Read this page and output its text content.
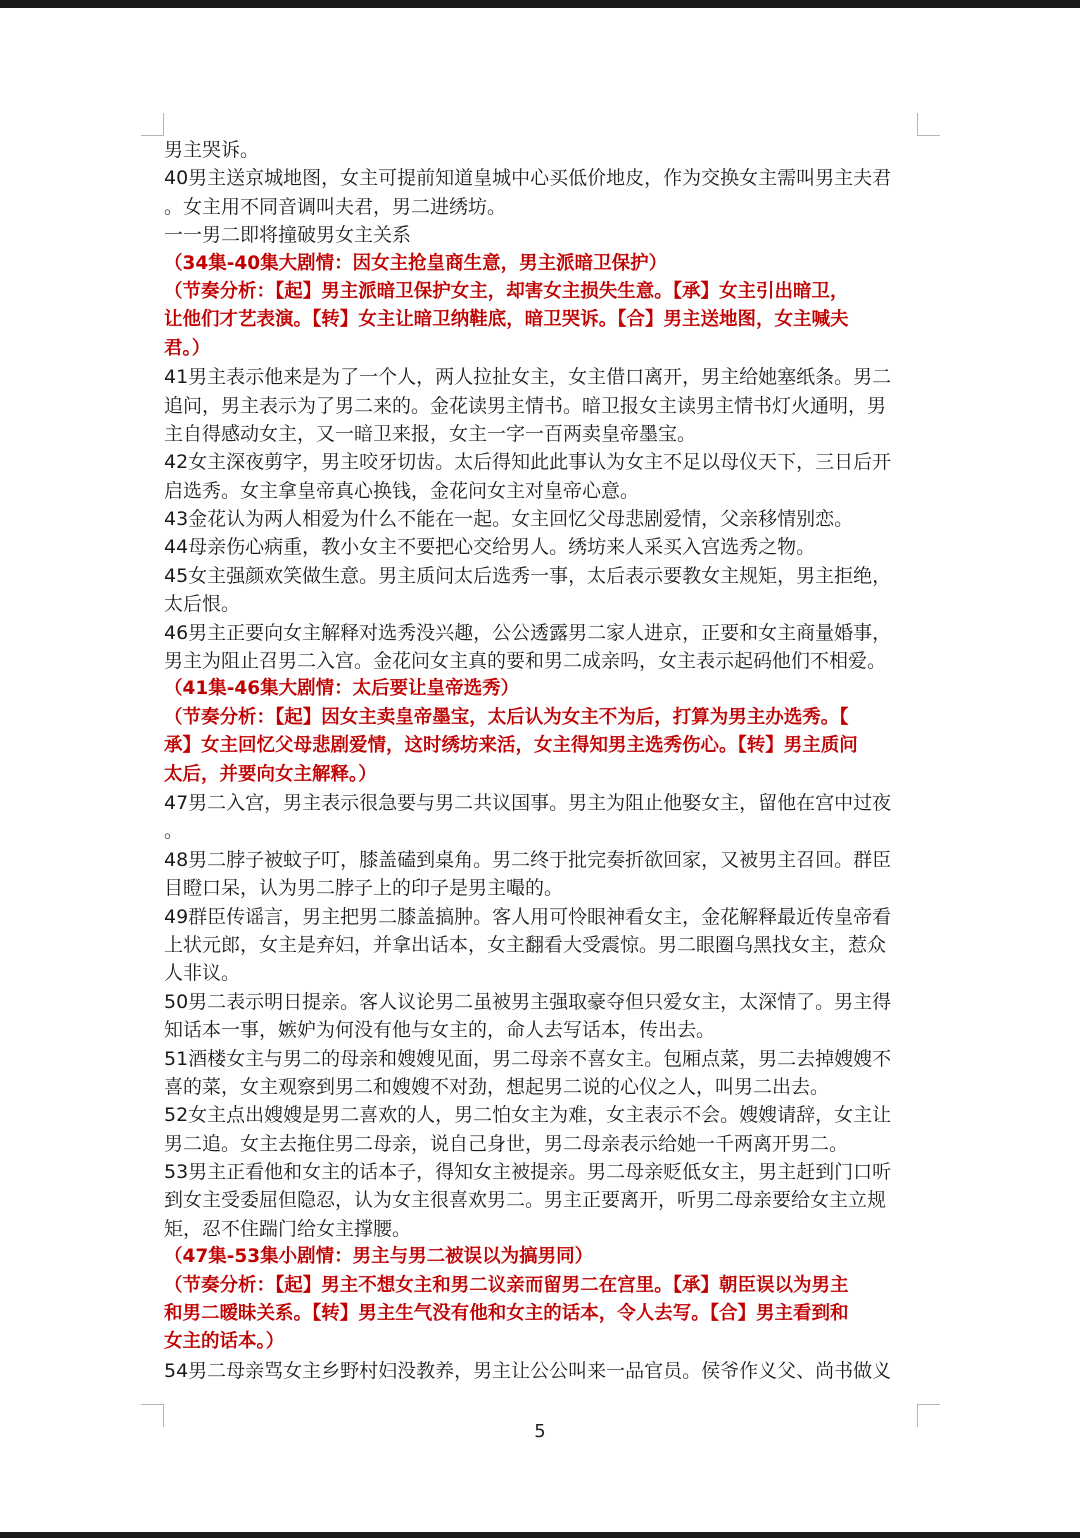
男主哭诉。
40男主送京城地图，女主可提前知道皇城中心买低价地皮，作为交换女主需叫男主夫君
。女主用不同音调叫夫君，男二进绣坊。
一一男二即将撞破男女主关系
（34集-40集大剧情：因女主抢皇商生意，男主派暗卫保护）
（节奏分析：【起】男主派暗卫保护女主，却害女主损失生意。【承】女主引出暗卫，
让他们才艺表演。【转】女主让暗卫纳鞋底，暗卫哭诉。【合】男主送地图，女主喊夫
君。）
41男主表示他来是为了一个人，两人拉扯女主，女主借口离开，男主给她塞纸条。男二
追问，男主表示为了男二来的。金花读男主情书。暗卫报女主读男主情书灯火通明，男
主自得感动女主，又一暗卫来报，女主一字一百两卖皇帝墨宝。
42女主深夜剪字，男主咬牙切齿。太后得知此此事认为女主不足以母仪天下，三日后开
启选秀。女主拿皇帝真心换钱，金花问女主对皇帝心意。
43金花认为两人相爱为什么不能在一起。女主回忆父母悲剧爱情，父亲移情别恋。
44母亲伤心病重，教小女主不要把心交给男人。绣坊来人采买入宫选秀之物。
45女主强颜欢笑做生意。男主质问太后选秀一事，太后表示要教女主规矩，男主拒绝，
太后恨。
46男主正要向女主解释对选秀没兴趣，公公透露男二家人进京，正要和女主商量婚事，
男主为阻止召男二入宫。金花问女主真的要和男二成亲吗，女主表示起码他们不相爱。
（41集-46集大剧情：太后要让皇帝选秀）
（节奏分析：【起】因女主卖皇帝墨宝，太后认为女主不为后，打算为男主办选秀。【
承】女主回忆父母悲剧爱情，这时绣坊来活，女主得知男主选秀伤心。【转】男主质问
太后，并要向女主解释。）
47男二入宫，男主表示很急要与男二共议国事。男主为阻止他娶女主，留他在宫中过夜
。
48男二脖子被蚊子叮，膝盖磕到桌角。男二终于批完奏折欲回家，又被男主召回。群臣
目瞪口呆，认为男二脖子上的印子是男主嘬的。
49群臣传谣言，男主把男二膝盖搞肿。客人用可怜眼神看女主，金花解释最近传皇帝看
上状元郎，女主是弃妇，并拿出话本，女主翻看大受震惊。男二眼圈乌黑找女主，惹众
人非议。
50男二表示明日提亲。客人议论男二虽被男主强取豪夺但只爱女主，太深情了。男主得
知话本一事，嫉妒为何没有他与女主的，命人去写话本，传出去。
51酒楼女主与男二的母亲和嫂嫂见面，男二母亲不喜女主。包厢点菜，男二去掉嫂嫂不
喜的菜，女主观察到男二和嫂嫂不对劲，想起男二说的心仪之人，叫男二出去。
52女主点出嫂嫂是男二喜欢的人，男二怕女主为难，女主表示不会。嫂嫂请辞，女主让
男二追。女主去拖住男二母亲，说自己身世，男二母亲表示给她一千两离开男二。
53男主正看他和女主的话本子，得知女主被提亲。男二母亲贬低女主，男主赶到门口听
到女主受委屈但隐忍，认为女主很喜欢男二。男主正要离开，听男二母亲要给女主立规
矩，忍不住踹门给女主撑腰。
（47集-53集小剧情：男主与男二被误以为搞男同）
（节奏分析：【起】男主不想女主和男二议亲而留男二在宫里。【承】朝臣误以为男主
和男二暧昧关系。【转】男主生气没有他和女主的话本，令人去写。【合】男主看到和
女主的话本。）
54男二母亲骂女主乡野村妇没教养，男主让公公叫来一品官员。侯爷作义父、尚书做义
5
